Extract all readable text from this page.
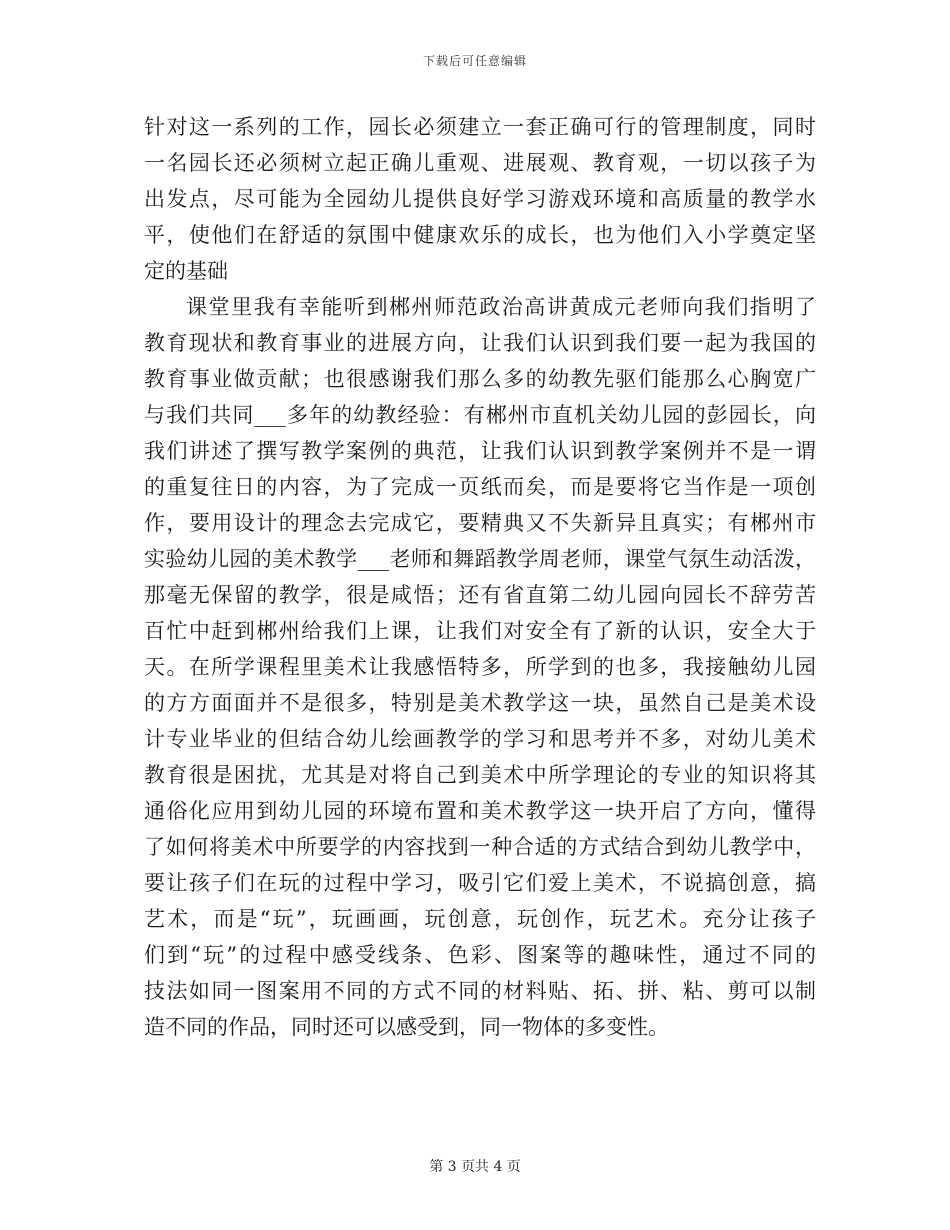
下载后可任意编辑
针对这一系列的工作，园长必须建立一套正确可行的管理制度，同时
一名园长还必须树立起正确儿重观、进展观、教育观，一切以孩子为
出发点，尽可能为全园幼儿提供良好学习游戏环境和高质量的教学水
平，使他们在舒适的氛围中健康欢乐的成长，也为他们入小学奠定坚
定的基础
课堂里我有幸能听到郴州师范政治高讲黄成元老师向我们指明了
教育现状和教育事业的进展方向，让我们认识到我们要一起为我国的
教育事业做贡献；也很感谢我们那么多的幼教先驱们能那么心胸宽广
与我们共同___多年的幼教经验：有郴州市直机关幼儿园的彭园长，向
我们讲述了撰写教学案例的典范，让我们认识到教学案例并不是一谓
的重复往日的内容，为了完成一页纸而矣，而是要将它当作是一项创
作，要用设计的理念去完成它，要精典又不失新异且真实；有郴州市
实验幼儿园的美术教学___老师和舞蹈教学周老师，课堂气氛生动活泼，
那毫无保留的教学，很是咸悟；还有省直第二幼儿园向园长不辞劳苦
百忙中赶到郴州给我们上课，让我们对安全有了新的认识，安全大于
天。在所学课程里美术让我感悟特多，所学到的也多，我接触幼儿园
的方方面面并不是很多，特别是美术教学这一块，虽然自己是美术设
计专业毕业的但结合幼儿绘画教学的学习和思考并不多，对幼儿美术
教育很是困扰，尤其是对将自己到美术中所学理论的专业的知识将其
通俗化应用到幼儿园的环境布置和美术教学这一块开启了方向，懂得
了如何将美术中所要学的内容找到一种合适的方式结合到幼儿教学中，
要让孩子们在玩的过程中学习，吸引它们爱上美术，不说搞创意，搞
艺术，而是“玩”，玩画画，玩创意，玩创作，玩艺术。充分让孩子
们到“玩”的过程中感受线条、色彩、图案等的趣味性，通过不同的
技法如同一图案用不同的方式不同的材料贴、拓、拼、粘、剪可以制
造不同的作品，同时还可以感受到，同一物体的多变性。
第 3 页共 4 页
